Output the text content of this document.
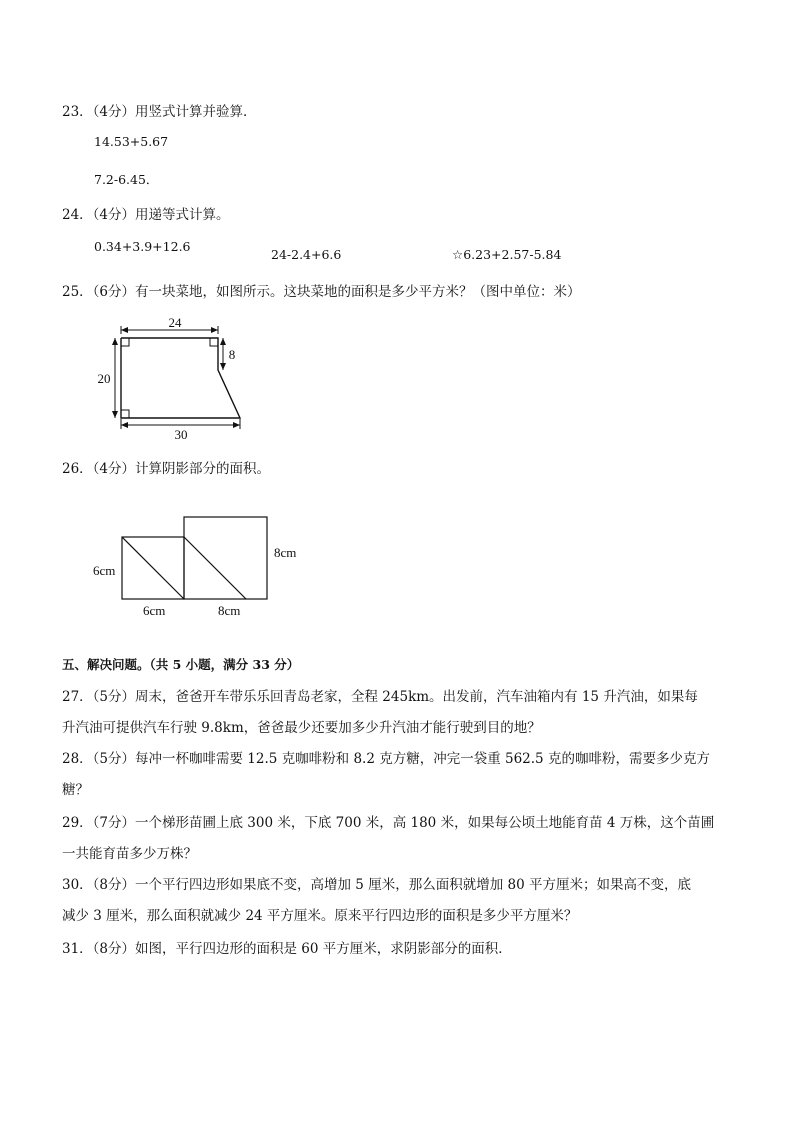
23．（4分）用竖式计算并验算．
14.53+5.67
7.2-6.45．
24．（4分）用递等式计算。
0.34+3.9+12.6
24-2.4+6.6	☆6.23+2.57-5.84
25．（6分）有一块菜地，如图所示。这块菜地的面积是多少平方米？（图中单位：米）
24
20
8
30
26．（4分）计算阴影部分的面积。
6cm
6cm
8cm
8cm
五、解决问题。（共 5 小题，满分 33 分）
27．（5分）周末，爸爸开车带乐乐回青岛老家，全程 245km。出发前，汽车油箱内有 15 升汽油，如果每
升汽油可提供汽车行驶 9.8km，爸爸最少还要加多少升汽油才能行驶到目的地？
28．（5分）每冲一杯咖啡需要 12.5 克咖啡粉和 8.2 克方糖，冲完一袋重 562.5 克的咖啡粉，需要多少克方
糖？
29．（7分）一个梯形苗圃上底 300 米，下底 700 米，高 180 米，如果每公顷土地能育苗 4 万株，这个苗圃
一共能育苗多少万株？
30．（8分）一个平行四边形如果底不变，高增加 5 厘米，那么面积就增加 80 平方厘米；如果高不变，底
减少 3 厘米，那么面积就减少 24 平方厘米。原来平行四边形的面积是多少平方厘米？
31．（8分）如图，平行四边形的面积是 60 平方厘米，求阴影部分的面积．
